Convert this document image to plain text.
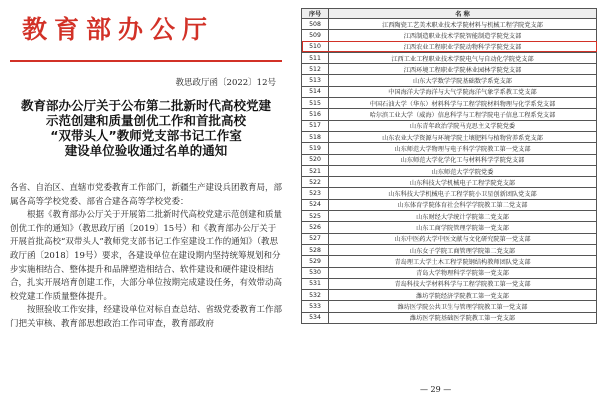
教育部办公厅
教思政厅函〔2022〕12号
教育部办公厅关于公布第二批新时代高校党建
示范创建和质量创优工作和首批高校
“双带头人”教师党支部书记工作室
建设单位验收通过名单的通知

各省、自治区、直辖市党委教育工作部门，新疆生产建设兵团教育局，部属各高等学校党委、部省合建各高等学校党委：

根据《教育部办公厅关于开展第二批新时代高校党建示范创建和质量创优工作的通知》（教思政厅函〔2019〕15号）和《教育部办公厅关于开展首批高校“双带头人”教师党支部书记工作室建设工作的通知》（教思政厅函〔2018〕19号）要求，各建设单位在建设期内坚持统筹规划和分步实施相结合、整体提升和品牌塑造相结合、软件建设和硬件建设相结合，扎实开展培育创建工作，大部分单位按期完成建设任务，有效带动高校党建工作质量整体提升。

按照验收工作安排，经建设单位对标自查总结、省级党委教育工作部门把关审核、教育部思想政治工作司审查，教育部政府

序号	名 称
508	江西陶瓷工艺美术职业技术学院材料与机械工程学院党支部
509	江西制造职业技术学院智能制造学院党支部
510	江西农业工程职业学院动物科学学院党支部
511	江西工业工程职业技术学院电气与自动化学院党支部
512	江西环境工程职业学院林业园林学院党支部
513	山东大学数学学院基础数学系党支部
514	中国海洋大学海洋与大气学院海洋气象学系教工党支部
515	中国石油大学（华东）材料科学与工程学院材料物理与化学系党支部
516	哈尔滨工业大学（威海）信息科学与工程学院电子信息工程系党支部
517	山东青年政治学院马克思主义学院党委
518	山东农业大学资源与环境学院土壤肥料与植物营养系党支部
519	山东师范大学物理与电子科学学院教工第一党支部
520	山东师范大学化学化工与材料科学学院党支部
521	山东师范大学学院党委
522	山东科技大学机械电子工程学院党支部
523	山东科技大学机械电子工程学院小卫星创新团队党支部
524	山东体育学院体育社会科学学院教工第二党支部
525	山东财经大学统计学院第二党支部
526	山东工商学院管理学院第一党支部
527	山东中医药大学中医文献与文化研究院第一党支部
528	山东女子学院工商管理学院第二党支部
529	青岛理工大学土木工程学院钢结构教师团队党支部
530	青岛大学物理科学学院第一党支部
531	青岛科技大学材料科学与工程学院教工第一党支部
532	潍坊学院经济学院教工第一党支部
533	潍坊医学院公共卫生与管理学院教工第一党支部
534	潍坊医学院基础医学院教工第一党支部
— 29 —
